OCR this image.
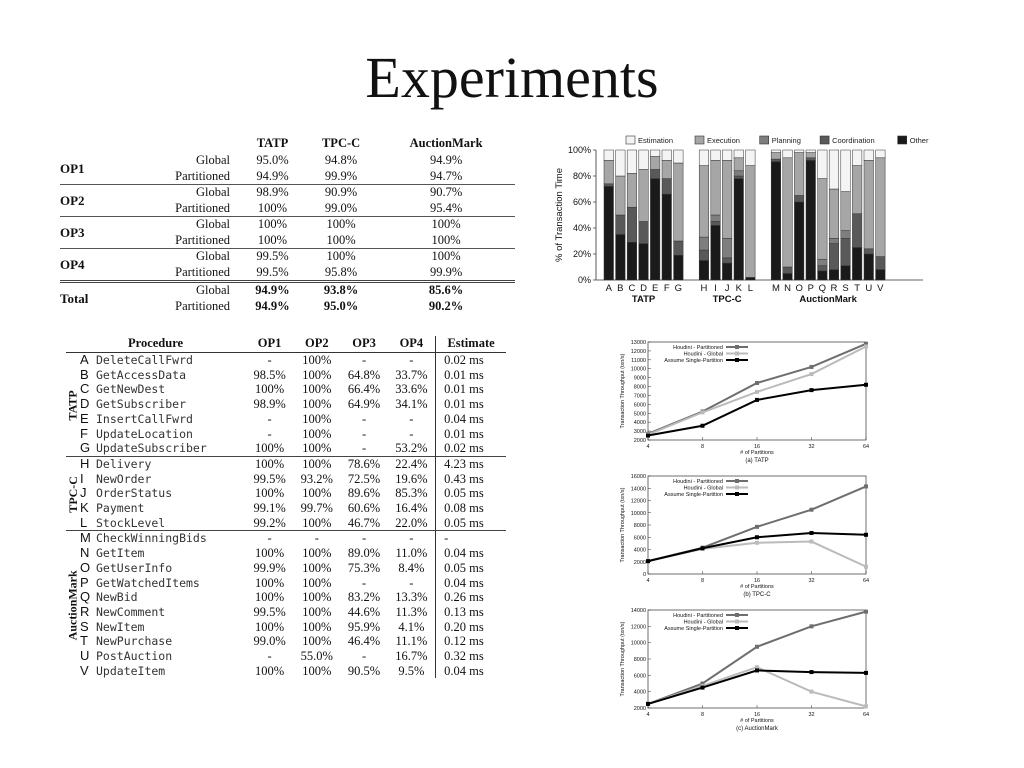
Experiments
		TATP	TPC-C	AuctionMark
OP1	Global	95.0%	94.8%	94.9%
	Partitioned	94.9%	99.9%	94.7%
OP2	Global	98.9%	90.9%	90.7%
	Partitioned	100%	99.0%	95.4%
OP3	Global	100%	100%	100%
	Partitioned	100%	100%	100%
OP4	Global	99.5%	100%	100%
	Partitioned	99.5%	95.8%	99.9%
Total	Global	94.9%	93.8%	85.6%
	Partitioned	94.9%	95.0%	90.2%
		Procedure	OP1	OP2	OP3	OP4	Estimate

TATP	A	DeleteCallFwrd	-	100%	-	-	0.02 ms
	B	GetAccessData	98.5%	100%	64.8%	33.7%	0.01 ms
	C	GetNewDest	100%	100%	66.4%	33.6%	0.01 ms
	D	GetSubscriber	98.9%	100%	64.9%	34.1%	0.01 ms
	E	InsertCallFwrd	-	100%	-	-	0.04 ms
	F	UpdateLocation	-	100%	-	-	0.01 ms
	G	UpdateSubscriber	100%	100%	-	53.2%	0.02 ms

TPC-C	H	Delivery	100%	100%	78.6%	22.4%	4.23 ms
	I	NewOrder	99.5%	93.2%	72.5%	19.6%	0.43 ms
	J	OrderStatus	100%	100%	89.6%	85.3%	0.05 ms
	K	Payment	99.1%	99.7%	60.6%	16.4%	0.08 ms
	L	StockLevel	99.2%	100%	46.7%	22.0%	0.05 ms

AuctionMark	M	CheckWinningBids	-	-	-	-	-
	N	GetItem	100%	100%	89.0%	11.0%	0.04 ms
	O	GetUserInfo	99.9%	100%	75.3%	8.4%	0.05 ms
	P	GetWatchedItems	100%	100%	-	-	0.04 ms
	Q	NewBid	100%	100%	83.2%	13.3%	0.26 ms
	R	NewComment	99.5%	100%	44.6%	11.3%	0.13 ms
	S	NewItem	100%	100%	95.9%	4.1%	0.20 ms
	T	NewPurchase	99.0%	100%	46.4%	11.1%	0.12 ms
	U	PostAuction	-	55.0%	-	16.7%	0.32 ms
	V	UpdateItem	100%	100%	90.5%	9.5%	0.04 ms
Estimation	Execution	Planning	Coordination	Other
0%
20%
40%
60%
80%
100%
% of Transaction Time
A B C D E F G
TATP
H I J K L
TPC-C
M N O P Q R S T U V
AuctionMark
2000
3000
4000
5000
6000
7000
8000
9000
10000
11000
12000
13000
4	8	16	32	64
# of Partitions
(a) TATP
Transaction Throughput (txn/s)
Houdini - Partitioned
Houdini - Global
Assume Single-Partition
0
2000
4000
6000
8000
10000
12000
14000
16000
4	8	16	32	64
# of Partitions
(b) TPC-C
Transaction Throughput (txn/s)
Houdini - Partitioned
Houdini - Global
Assume Single-Partition
2000
4000
6000
8000
10000
12000
14000
4	8	16	32	64
# of Partitions
(c) AuctionMark
Transaction Throughput (txn/s)
Houdini - Partitioned
Houdini - Global
Assume Single-Partition
